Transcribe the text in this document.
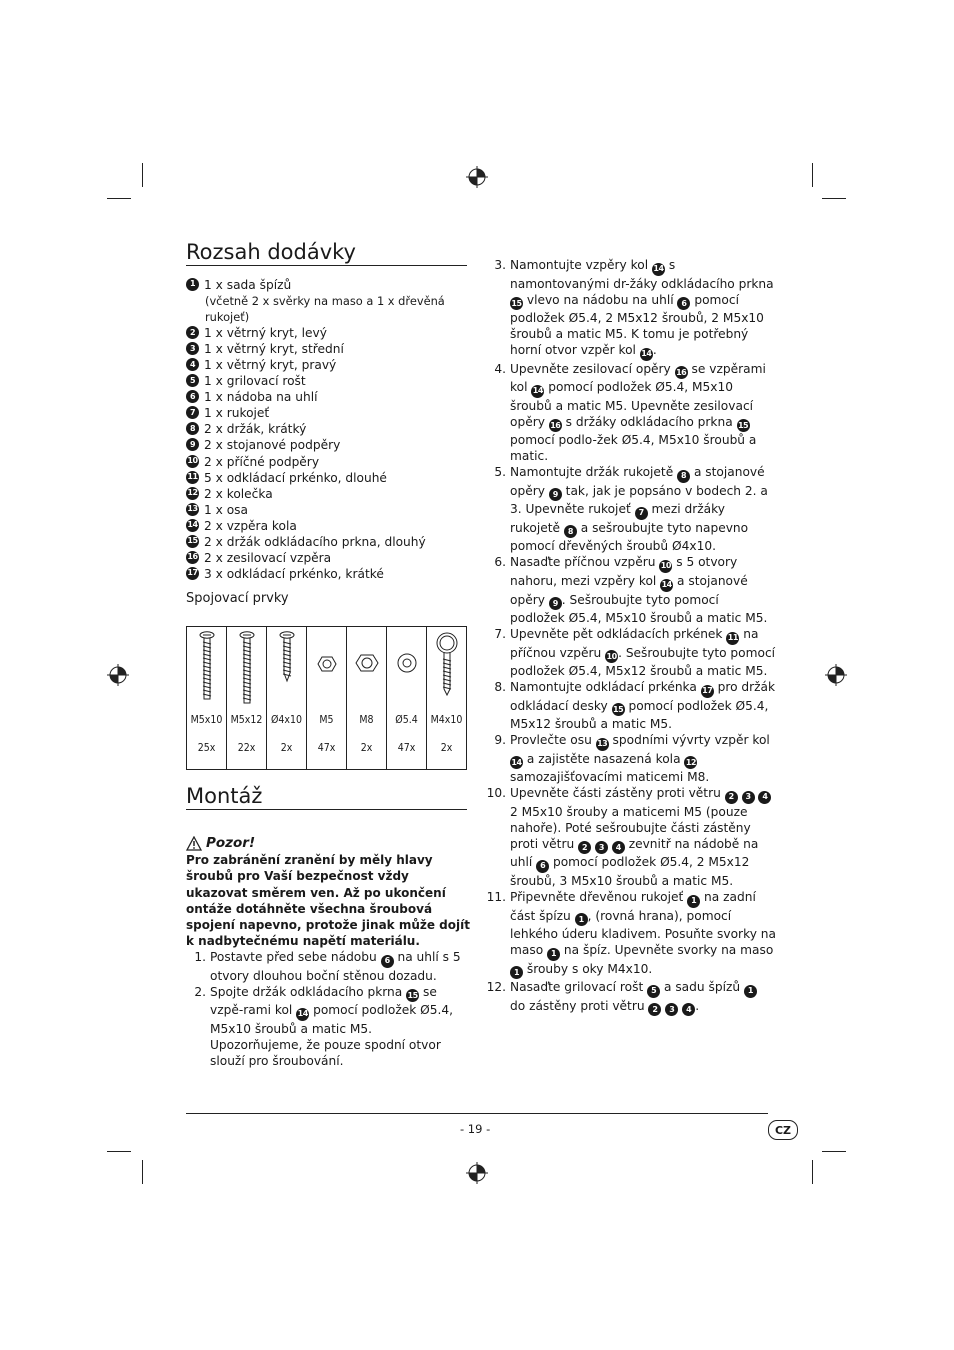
Rozsah dodávky
1 1 x sada špízů
(včetně 2 x svěrky na maso a 1 x dřevěná rukojeť)
2 1 x větrný kryt, levý
3 1 x větrný kryt, střední
4 1 x větrný kryt, pravý
5 1 x grilovací rošt
6 1 x nádoba na uhlí
7 1 x rukojeť
8 2 x držák, krátký
9 2 x stojanové podpěry
10 2 x příčné podpěry
11 5 x odkládací prkénko, dlouhé
12 2 x kolečka
13 1 x osa
14 2 x vzpěra kola
15 2 x držák odkládacího prkna, dlouhý
16 2 x zesilovací vzpěra
17 3 x odkládací prkénko, krátké
Spojovací prvky
M5x10
25x

M5x12
22x

Ø4x10
2x

M5
47x

M8
2x

Ø5.4
47x

M4x10
2x
Montáž
Pozor!
Pro zabránění zranění by měly hlavy šroubů pro Vaší bezpečnost vždy ukazovat směrem ven. Až po ukončení ontáže dotáhněte všechna šroubová spojení napevno, protože jinak může dojít k nadbytečnému napětí materiálu.
1. Postavte před sebe nádobu 6 na uhlí s 5 otvory dlouhou boční stěnou dozadu.
2. Spojte držák odkládacího pkrna 15 se vzpě-rami kol 14 pomocí podložek Ø5.4, M5x10 šroubů a matic M5.
Upozorňujeme, že pouze spodní otvor slouží pro šroubování.
3. Namontujte vzpěry kol 14 s namontovanými dr-žáky odkládacího prkna 15 vlevo na nádobu na uhlí 6 pomocí podložek Ø5.4, 2 M5x12 šroubů, 2 M5x10 šroubů a matic M5. K tomu je potřebný horní otvor vzpěr kol 14.
4. Upevněte zesilovací opěry 16 se vzpěrami kol 14 pomocí podložek Ø5.4, M5x10 šroubů a matic M5. Upevněte zesilovací opěry 16 s držáky odkládacího prkna 15 pomocí podlo-žek Ø5.4, M5x10 šroubů a matic.
5. Namontujte držák rukojetě 8 a stojanové opěry 9 tak, jak je popsáno v bodech 2. a 3. Upevněte rukojeť 7 mezi držáky rukojetě 8 a sešroubujte tyto napevno pomocí dřevěných šroubů Ø4x10.
6. Nasaďte příčnou vzpěru 10 s 5 otvory nahoru, mezi vzpěry kol 14 a stojanové opěry 9 . Sešroubujte tyto pomocí podložek Ø5.4, M5x10 šroubů a matic M5.
7. Upevněte pět odkládacích prkének 11 na příčnou vzpěru 10. Sešroubujte tyto pomocí podložek Ø5.4, M5x12 šroubů a matic M5.
8. Namontujte odkládací prkénka 17 pro držák odkládací desky 15 pomocí podložek Ø5.4, M5x12 šroubů a matic M5.
9. Provlečte osu 13 spodními vývrty vzpěr kol 14 a zajistěte nasazená kola 12 samozajišťovacími maticemi M8.
10. Upevněte části zástěny proti větru 2 3 4 2 M5x10 šrouby a maticemi M5 (pouze nahoře). Poté sešroubujte části zástěny proti větru 2 3 4 zevnitř na nádobě na uhlí 6 pomocí podložek Ø5.4, 2 M5x12 šroubů, 3 M5x10 šroubů a matic M5.
11. Připevněte dřevěnou rukojeť 1 na zadní část špízu 1 , (rovná hrana), pomocí lehkého úderu kladivem. Posuňte svorky na maso 1 na špíz. Upevněte svorky na maso 1 šrouby s oky M4x10.
12. Nasaďte grilovací rošt 5 a sadu špízů 1 do zástěny proti větru 2 3 4 .
- 19 -	CZ
